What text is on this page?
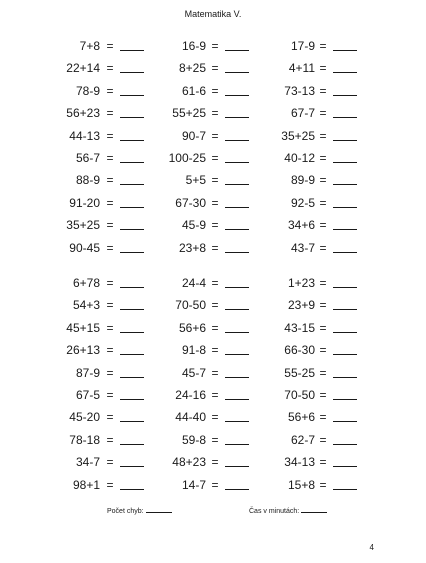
Matematika V.
7+8 =	16-9 =	17-9 =
22+14 =	8+25 =	4+11 =
78-9 =	61-6 =	73-13 =
56+23 =	55+25 =	67-7 =
44-13 =	90-7 =	35+25 =
56-7 =	100-25 =	40-12 =
88-9 =	5+5 =	89-9 =
91-20 =	67-30 =	92-5 =
35+25 =	45-9 =	34+6 =
90-45 =	23+8 =	43-7 =
6+78 =	24-4 =	1+23 =
54+3 =	70-50 =	23+9 =
45+15 =	56+6 =	43-15 =
26+13 =	91-8 =	66-30 =
87-9 =	45-7 =	55-25 =
67-5 =	24-16 =	70-50 =
45-20 =	44-40 =	56+6 =
78-18 =	59-8 =	62-7 =
34-7 =	48+23 =	34-13 =
98+1 =	14-7 =	15+8 =
Počet chyb:	Čas v minutách:
4
